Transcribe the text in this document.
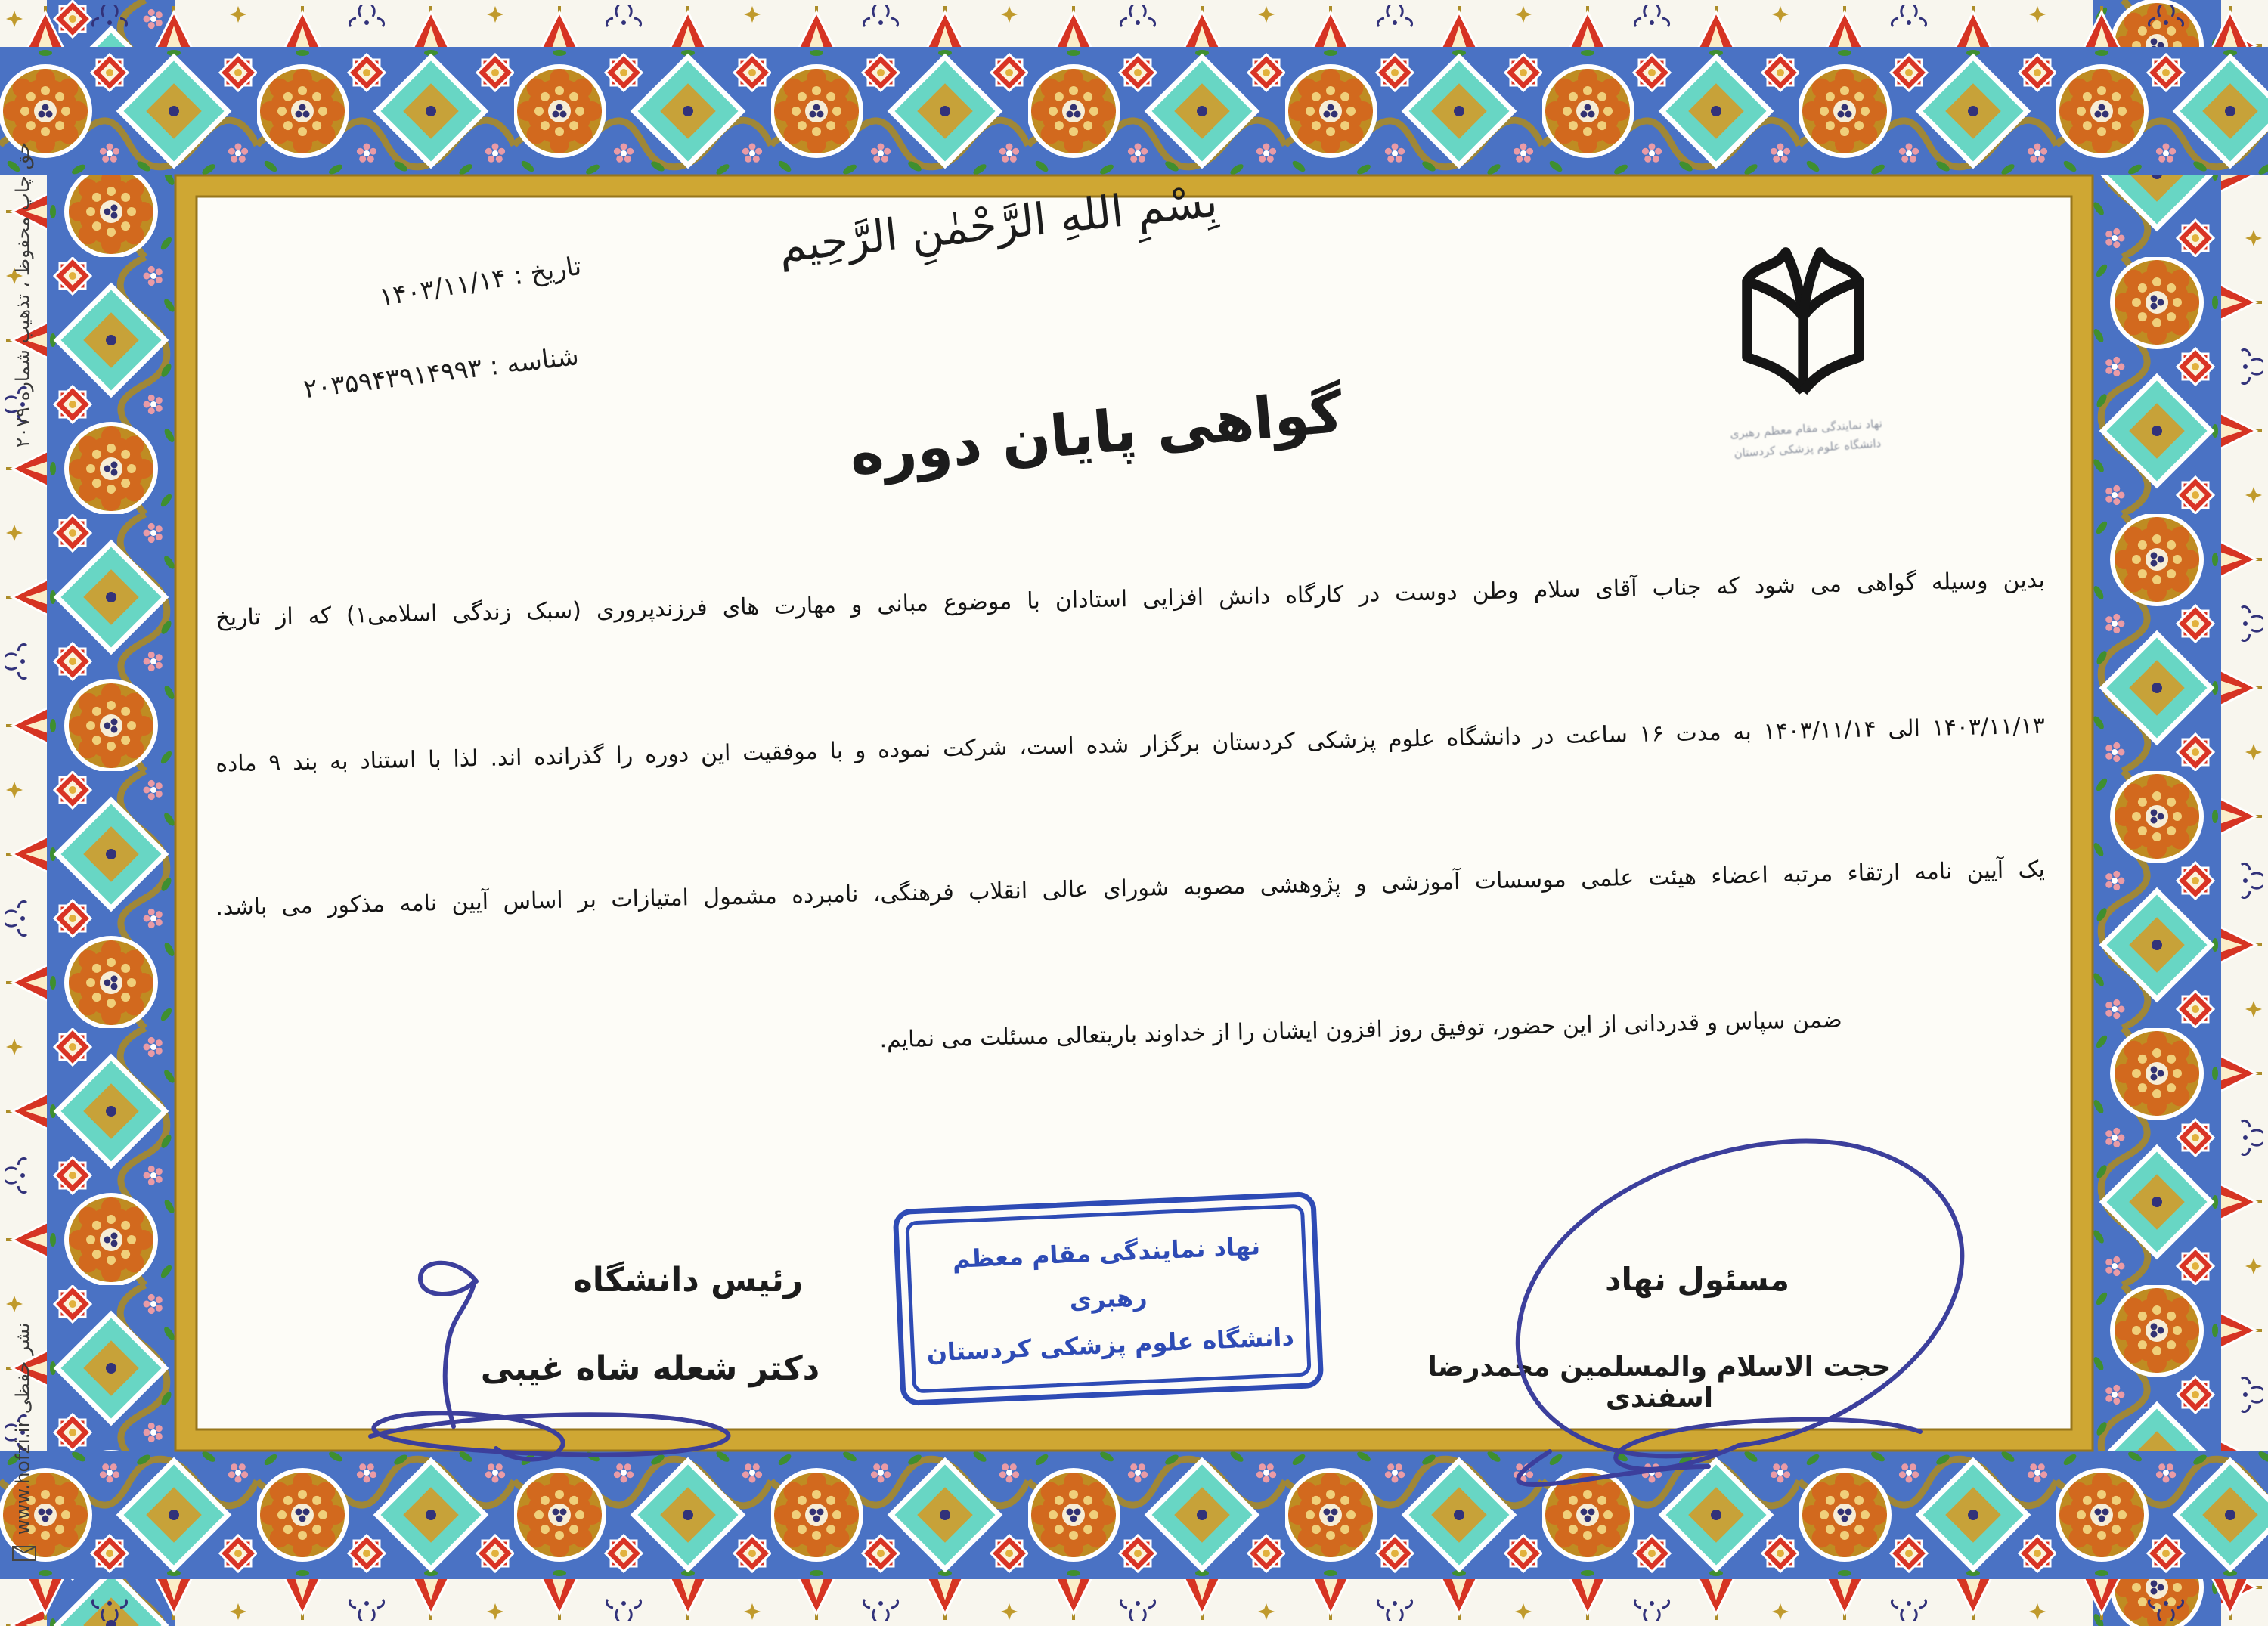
بِسْمِ اللهِ الرَّحْمٰنِ الرَّحِيم
تاریخ : ۱۴۰۳/۱۱/۱۴
شناسه : ۲۰۳۵۹۴۳۹۱۴۹۹۳
نهاد نمایندگی مقام معظم رهبری
دانشگاه علوم پزشکی کردستان
گواهی پایان دوره
بدین وسیله گواهی می شود که جناب آقای سلام وطن دوست در کارگاه دانش افزایی استادان با موضوع مبانی و مهارت های فرزندپروری (سبک زندگی اسلامی۱) که از تاریخ
۱۴۰۳/۱۱/۱۳ الی ۱۴۰۳/۱۱/۱۴ به مدت ۱۶ ساعت در دانشگاه علوم پزشکی کردستان برگزار شده است، شرکت نموده و با موفقیت این دوره را گذرانده اند. لذا با استناد به بند ۹ ماده
یک آیین نامه ارتقاء مرتبه اعضاء هیئت علمی موسسات آموزشی و پژوهشی مصوبه شورای عالی انقلاب فرهنگی، نامبرده مشمول امتیازات بر اساس آیین نامه مذکور می باشد.
ضمن سپاس و قدردانی از این حضور، توفیق روز افزون ایشان را از خداوند باریتعالی مسئلت می نمایم.
رئیس دانشگاه
دکتر شعله شاه غیبی
نهاد نمایندگی مقام معظم رهبری
دانشگاه علوم پزشکی کردستان
مسئول نهاد
حجت الاسلام والمسلمین محمدرضا اسفندی
حق چاپ محفوظ ، تذهیب شماره ۲۰۷۹
نشر حفظی www.hofzi.ir
